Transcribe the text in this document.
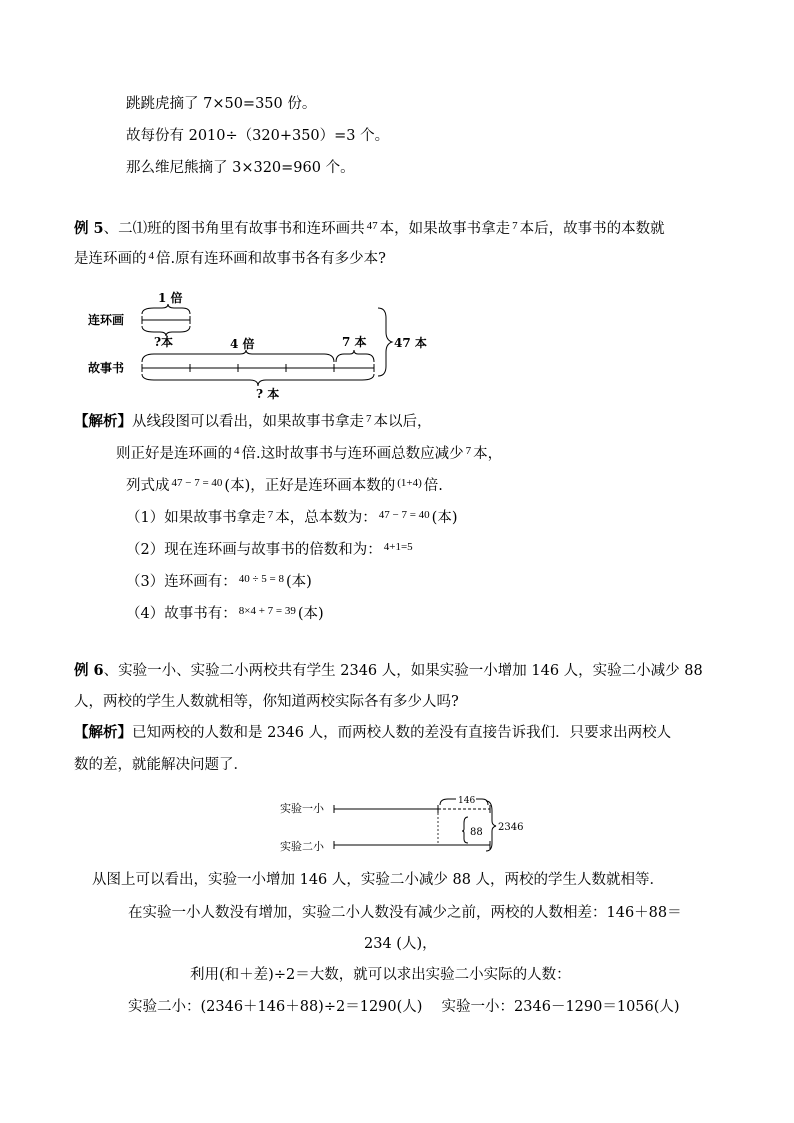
跳跳虎摘了 7×50=350 份。
故每份有 2010÷（320+350）=3 个。
那么维尼熊摘了 3×320=960 个。
例 5、二⑴班的图书角里有故事书和连环画共 $^{47}$ 本，如果故事书拿走 $^7$ 本后，故事书的本数就
是连环画的 $^4$ 倍.原有连环画和故事书各有多少本?
1 倍
连环画
?本	4 倍	7 本
故事书
? 本
47 本
【解析】从线段图可以看出，如果故事书拿走 $^7$ 本以后，
则正好是连环画的 $^4$ 倍.这时故事书与连环画总数应减少 $^7$ 本，
列式成 $^{47 - 7 = 40}$ (本)，正好是连环画本数的 $^{(1+4)}$ 倍.
（1）如果故事书拿走 $^7$ 本，总本数为： $^{47 - 7 = 40}$ (本)
（2）现在连环画与故事书的倍数和为： $^{4+1=5}$
（3）连环画有： $^{40 \div 5 = 8}$ (本)
（4）故事书有： $^{8\times 4 + 7 = 39}$ (本)
例 6、实验一小、实验二小两校共有学生 2346 人，如果实验一小增加 146 人，实验二小减少 88
人，两校的学生人数就相等，你知道两校实际各有多少人吗?
【解析】已知两校的人数和是 2346 人，而两校人数的差没有直接告诉我们．只要求出两校人
数的差，就能解决问题了．
实验一小
146
实验二小
88 2346
从图上可以看出，实验一小增加 146 人，实验二小减少 88 人，两校的学生人数就相等．
在实验一小人数没有增加，实验二小人数没有减少之前，两校的人数相差：146＋88＝
234 (人)，
利用(和＋差)÷2＝大数，就可以求出实验二小实际的人数：
实验二小：(2346＋146＋88)÷2＝1290(人)　 实验一小：2346－1290＝1056(人)
